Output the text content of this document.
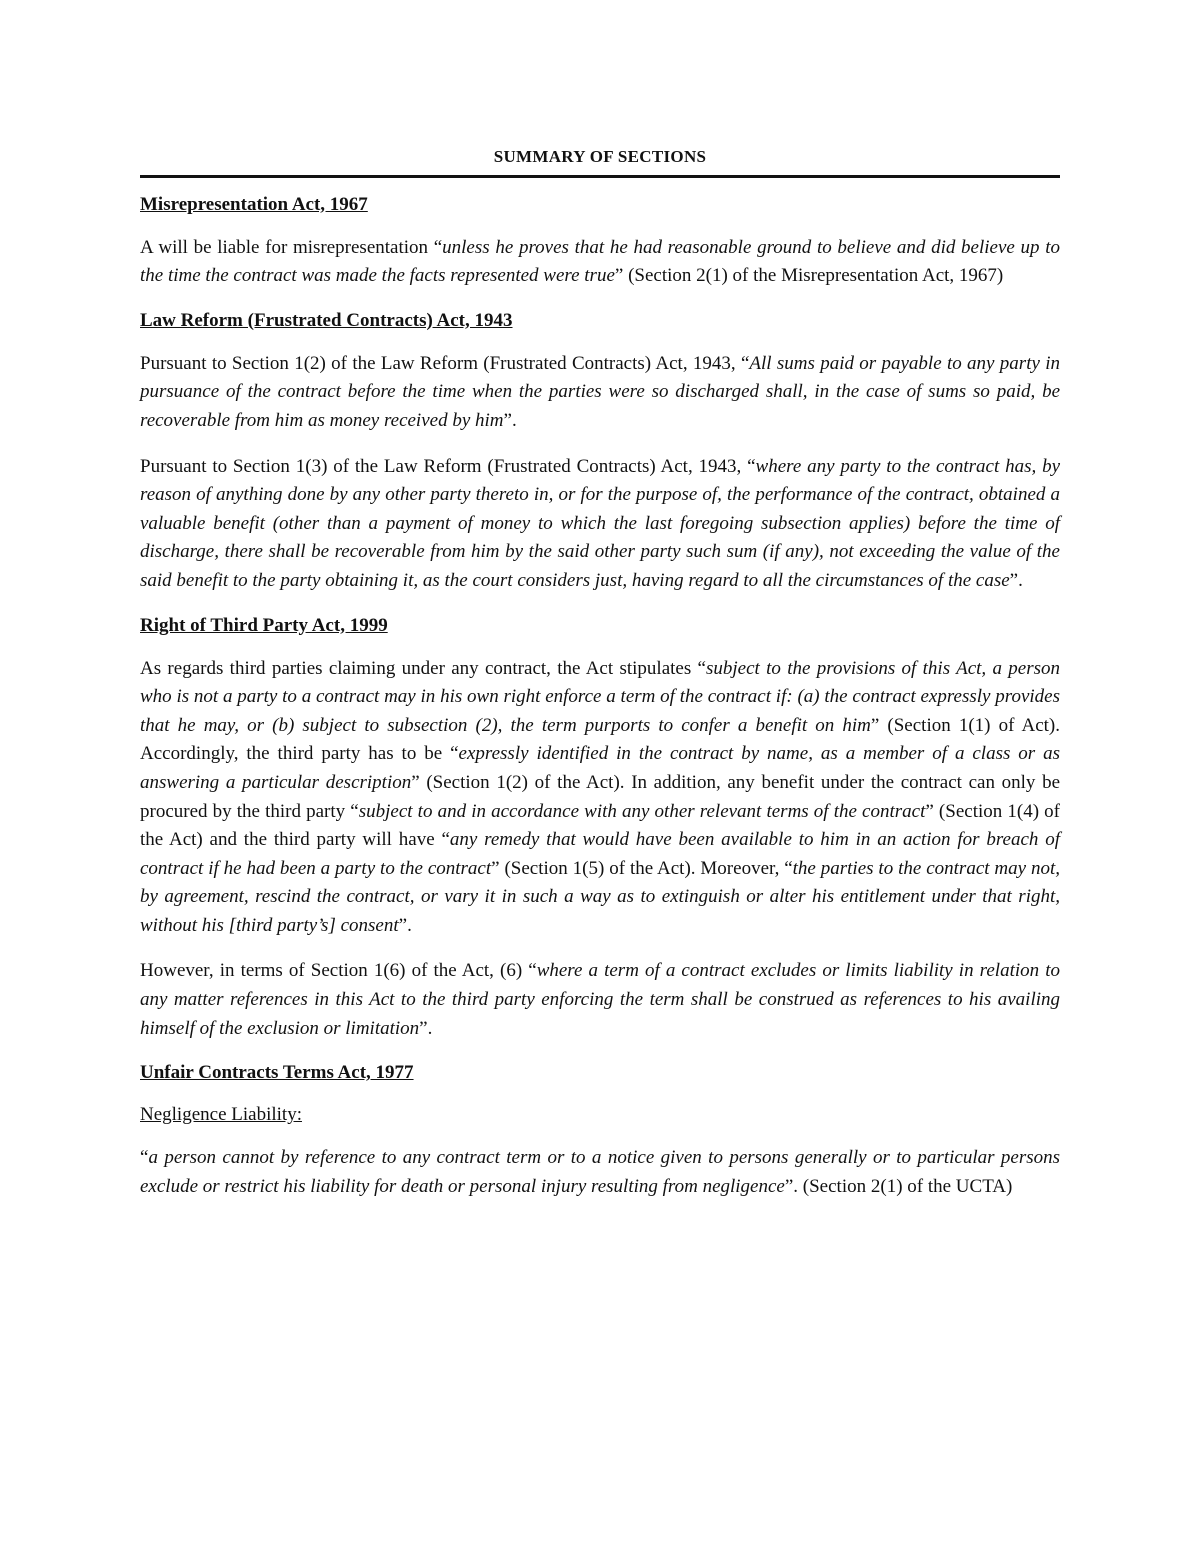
SUMMARY OF SECTIONS
Misrepresentation Act, 1967

A will be liable for misrepresentation “unless he proves that he had reasonable ground to believe and did believe up to the time the contract was made the facts represented were true” (Section 2(1) of the Misrepresentation Act, 1967)

Law Reform (Frustrated Contracts) Act, 1943

Pursuant to Section 1(2) of the Law Reform (Frustrated Contracts) Act, 1943, “All sums paid or payable to any party in pursuance of the contract before the time when the parties were so discharged shall, in the case of sums so paid, be recoverable from him as money received by him”.

Pursuant to Section 1(3) of the Law Reform (Frustrated Contracts) Act, 1943, “where any party to the contract has, by reason of anything done by any other party thereto in, or for the purpose of, the performance of the contract, obtained a valuable benefit (other than a payment of money to which the last foregoing subsection applies) before the time of discharge, there shall be recoverable from him by the said other party such sum (if any), not exceeding the value of the said benefit to the party obtaining it, as the court considers just, having regard to all the circumstances of the case”.

Right of Third Party Act, 1999

As regards third parties claiming under any contract, the Act stipulates “subject to the provisions of this Act, a person who is not a party to a contract may in his own right enforce a term of the contract if: (a) the contract expressly provides that he may, or (b) subject to subsection (2), the term purports to confer a benefit on him” (Section 1(1) of Act). Accordingly, the third party has to be “expressly identified in the contract by name, as a member of a class or as answering a particular description” (Section 1(2) of the Act). In addition, any benefit under the contract can only be procured by the third party “subject to and in accordance with any other relevant terms of the contract” (Section 1(4) of the Act) and the third party will have “any remedy that would have been available to him in an action for breach of contract if he had been a party to the contract” (Section 1(5) of the Act). Moreover, “the parties to the contract may not, by agreement, rescind the contract, or vary it in such a way as to extinguish or alter his entitlement under that right, without his [third party’s] consent”.

However, in terms of Section 1(6) of the Act, (6) “where a term of a contract excludes or limits liability in relation to any matter references in this Act to the third party enforcing the term shall be construed as references to his availing himself of the exclusion or limitation”.

Unfair Contracts Terms Act, 1977
Negligence Liability:

“a person cannot by reference to any contract term or to a notice given to persons generally or to particular persons exclude or restrict his liability for death or personal injury resulting from negligence”. (Section 2(1) of the UCTA)
